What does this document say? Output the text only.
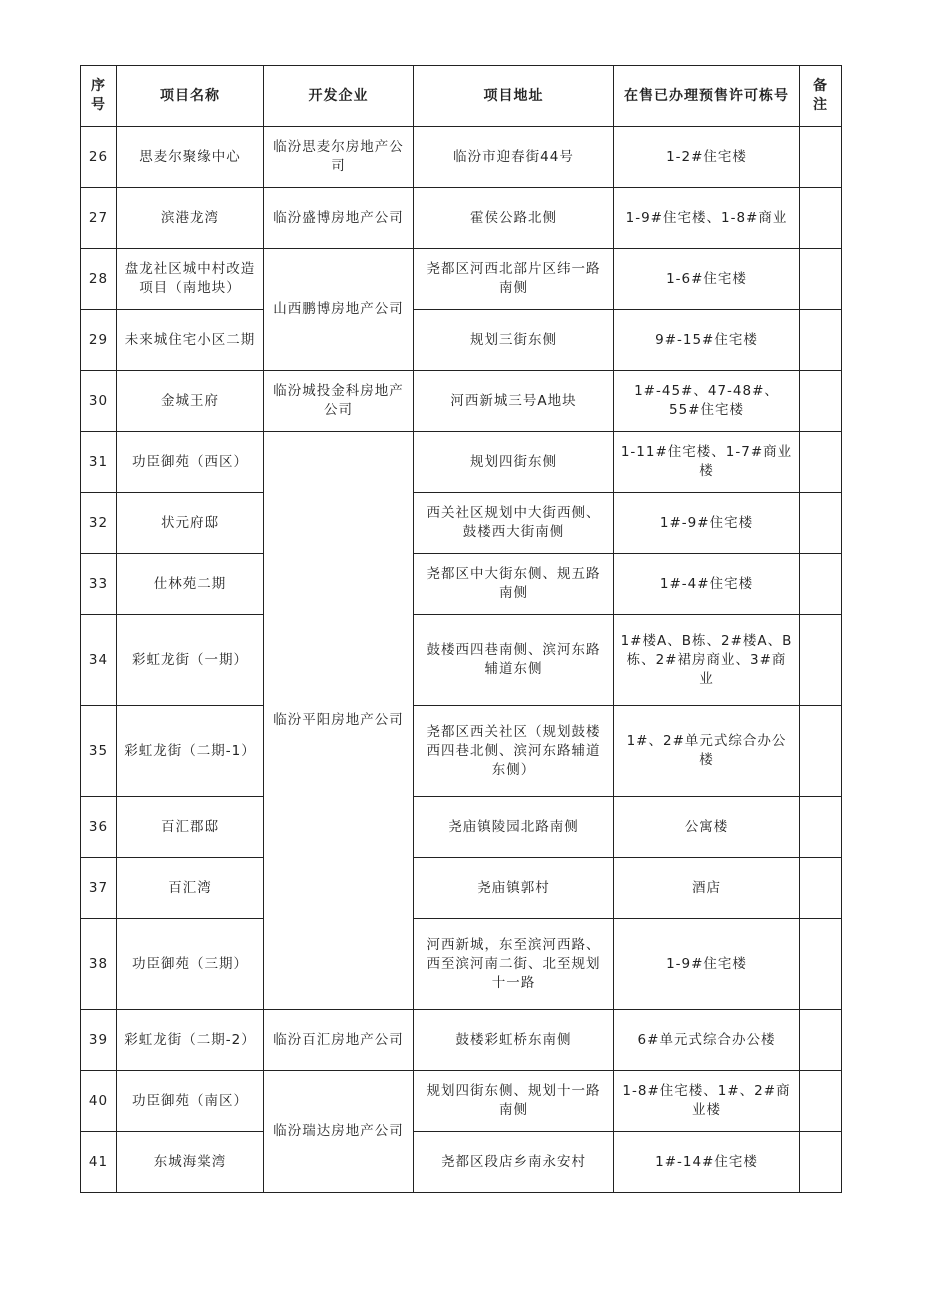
序号	项目名称	开发企业	项目地址	在售已办理预售许可栋号	备注
26	思麦尔聚缘中心	临汾思麦尔房地产公司	临汾市迎春街44号	1-2#住宅楼	
27	滨港龙湾	临汾盛博房地产公司	霍侯公路北侧	1-9#住宅楼、1-8#商业	
28	盘龙社区城中村改造项目（南地块）	山西鹏博房地产公司	尧都区河西北部片区纬一路南侧	1-6#住宅楼	
29	未来城住宅小区二期		规划三街东侧	9#-15#住宅楼	
30	金城王府	临汾城投金科房地产公司	河西新城三号A地块	1#-45#、47-48#、55#住宅楼	
31	功臣御苑（西区）	临汾平阳房地产公司	规划四街东侧	1-11#住宅楼、1-7#商业楼	
32	状元府邸		西关社区规划中大街西侧、鼓楼西大街南侧	1#-9#住宅楼	
33	仕林苑二期		尧都区中大街东侧、规五路南侧	1#-4#住宅楼	
34	彩虹龙街（一期）		鼓楼西四巷南侧、滨河东路辅道东侧	1#楼A、B栋、2#楼A、B栋、2#裙房商业、3#商业	
35	彩虹龙街（二期-1）		尧都区西关社区（规划鼓楼西四巷北侧、滨河东路辅道东侧）	1#、2#单元式综合办公楼	
36	百汇郡邸		尧庙镇陵园北路南侧	公寓楼	
37	百汇湾		尧庙镇郭村	酒店	
38	功臣御苑（三期）		河西新城，东至滨河西路、西至滨河南二街、北至规划十一路	1-9#住宅楼	
39	彩虹龙街（二期-2）	临汾百汇房地产公司	鼓楼彩虹桥东南侧	6#单元式综合办公楼	
40	功臣御苑（南区）	临汾瑞达房地产公司	规划四街东侧、规划十一路南侧	1-8#住宅楼、1#、2#商业楼	
41	东城海棠湾		尧都区段店乡南永安村	1#-14#住宅楼	
